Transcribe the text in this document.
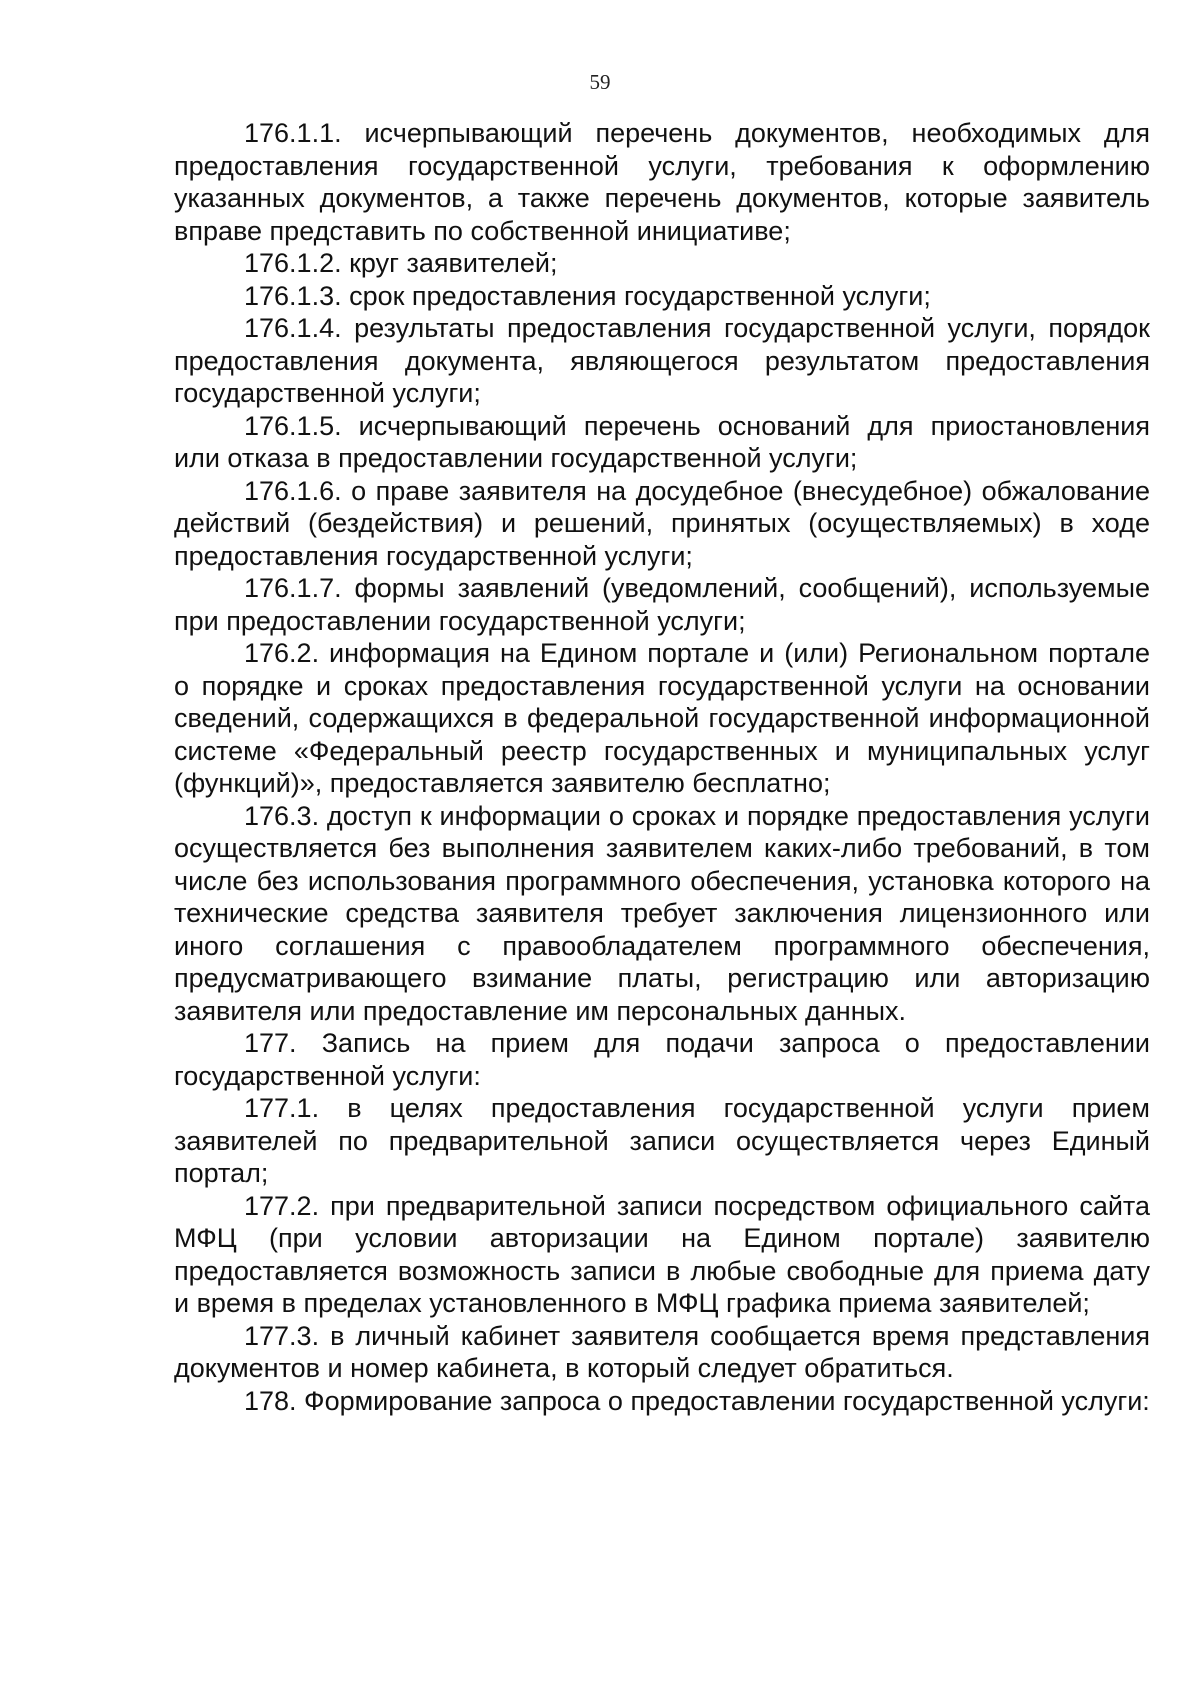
59

176.1.1. исчерпывающий перечень документов, необходимых для предоставления государственной услуги, требования к оформлению указанных документов, а также перечень документов, которые заявитель вправе представить по собственной инициативе;

176.1.2. круг заявителей;

176.1.3. срок предоставления государственной услуги;

176.1.4. результаты предоставления государственной услуги, порядок предоставления документа, являющегося результатом предоставления государственной услуги;

176.1.5. исчерпывающий перечень оснований для приостановления или отказа в предоставлении государственной услуги;

176.1.6. о праве заявителя на досудебное (внесудебное) обжалование действий (бездействия) и решений, принятых (осуществляемых) в ходе предоставления государственной услуги;

176.1.7. формы заявлений (уведомлений, сообщений), используемые при предоставлении государственной услуги;

176.2. информация на Едином портале и (или) Региональном портале о порядке и сроках предоставления государственной услуги на основании сведений, содержащихся в федеральной государственной информационной системе «Федеральный реестр государственных и муниципальных услуг (функций)», предоставляется заявителю бесплатно;

176.3. доступ к информации о сроках и порядке предоставления услуги осуществляется без выполнения заявителем каких-либо требований, в том числе без использования программного обеспечения, установка которого на технические средства заявителя требует заключения лицензионного или иного соглашения с правообладателем программного обеспечения, предусматривающего взимание платы, регистрацию или авторизацию заявителя или предоставление им персональных данных.

177. Запись на прием для подачи запроса о предоставлении государственной услуги:

177.1. в целях предоставления государственной услуги прием заявителей по предварительной записи осуществляется через Единый портал;

177.2. при предварительной записи посредством официального сайта МФЦ (при условии авторизации на Едином портале) заявителю предоставляется возможность записи в любые свободные для приема дату и время в пределах установленного в МФЦ графика приема заявителей;

177.3. в личный кабинет заявителя сообщается время представления документов и номер кабинета, в который следует обратиться.

178. Формирование запроса о предоставлении государственной услуги:
